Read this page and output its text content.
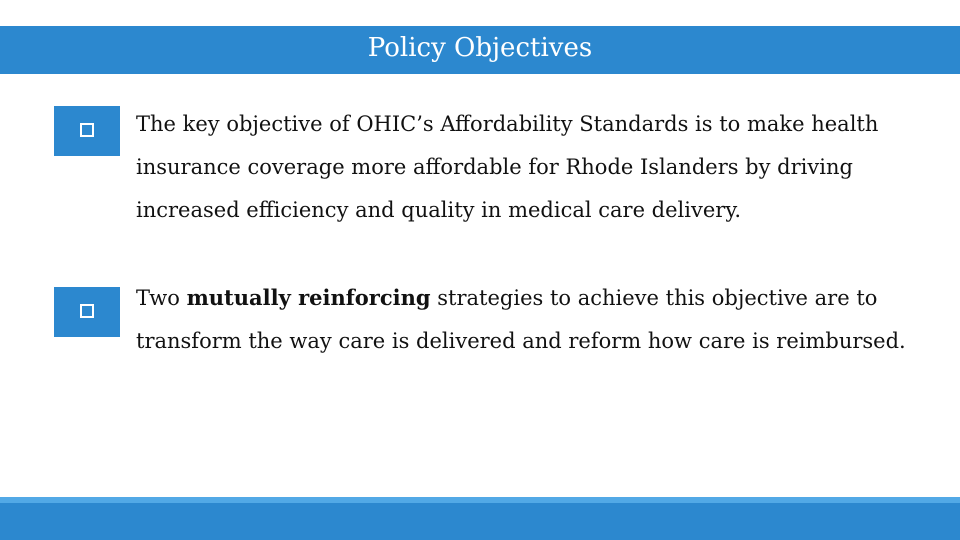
Policy Objectives
The key objective of OHIC’s Affordability Standards is to make health insurance coverage more affordable for Rhode Islanders by driving increased efficiency and quality in medical care delivery.
Two mutually reinforcing strategies to achieve this objective are to transform the way care is delivered and reform how care is reimbursed.
